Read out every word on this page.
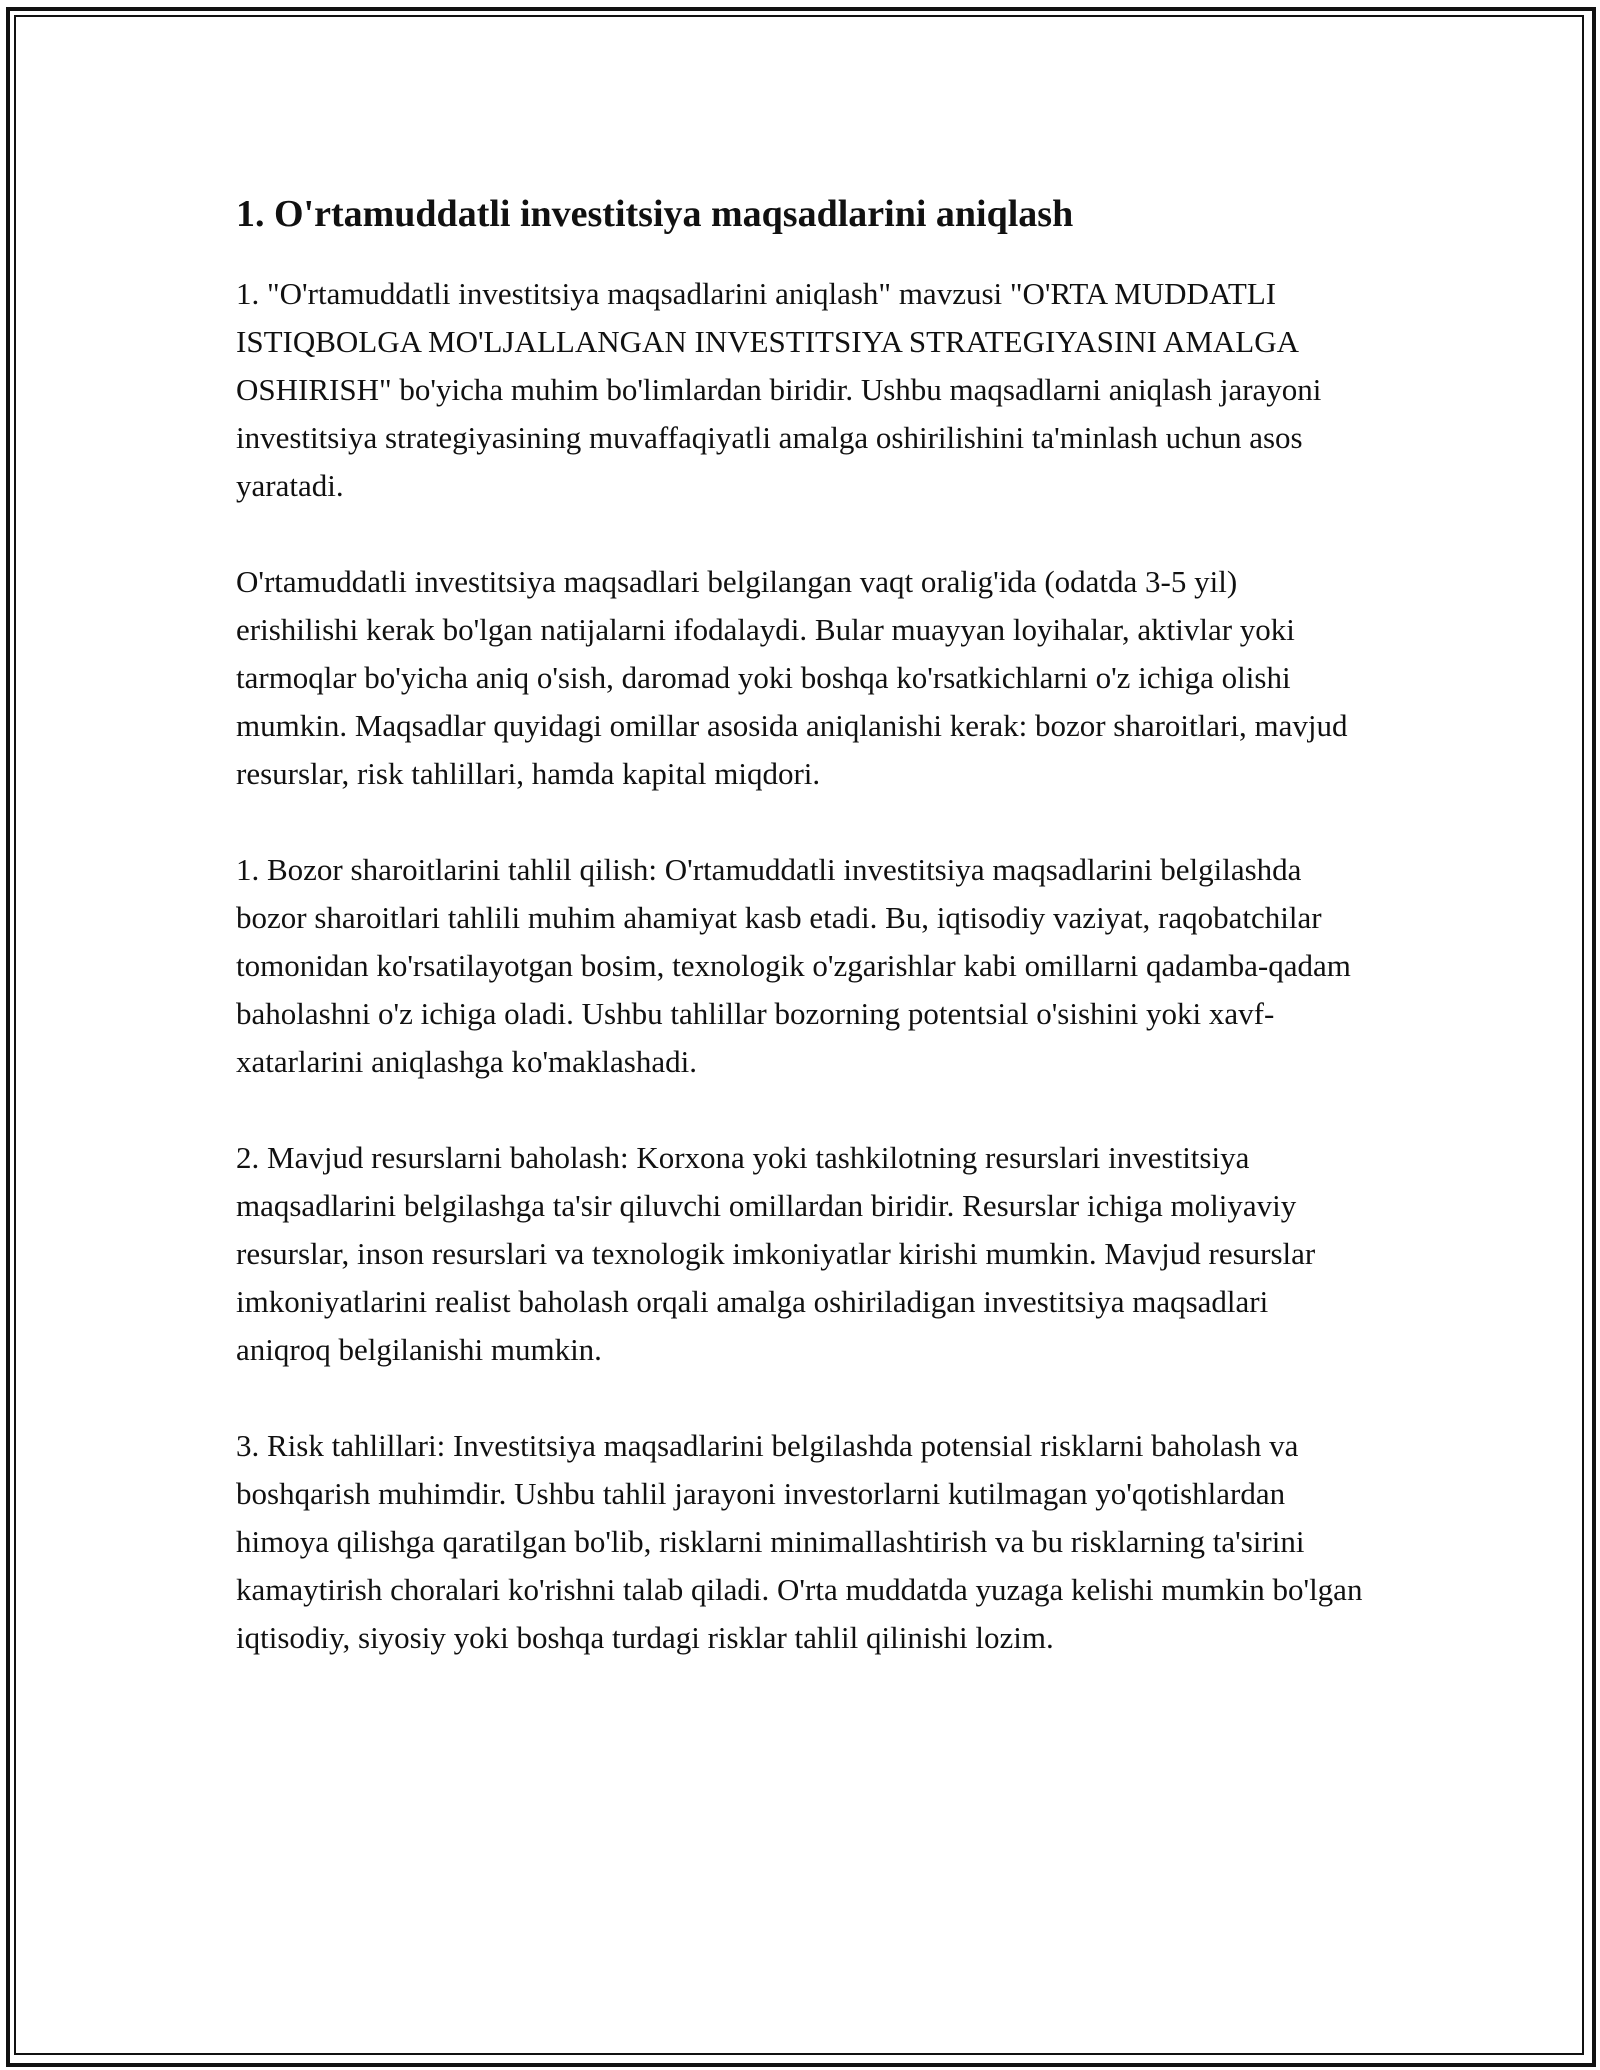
1. O'rtamuddatli investitsiya maqsadlarini aniqlash

1. "O'rtamuddatli investitsiya maqsadlarini aniqlash" mavzusi "O'RTA MUDDATLI ISTIQBOLGA MO'LJALLANGAN INVESTITSIYA STRATEGIYASINI AMALGA OSHIRISH" bo'yicha muhim bo'limlardan biridir. Ushbu maqsadlarni aniqlash jarayoni investitsiya strategiyasining muvaffaqiyatli amalga oshirilishini ta'minlash uchun asos yaratadi.

O'rtamuddatli investitsiya maqsadlari belgilangan vaqt oralig'ida (odatda 3-5 yil) erishilishi kerak bo'lgan natijalarni ifodalaydi. Bular muayyan loyihalar, aktivlar yoki tarmoqlar bo'yicha aniq o'sish, daromad yoki boshqa ko'rsatkichlarni o'z ichiga olishi mumkin. Maqsadlar quyidagi omillar asosida aniqlanishi kerak: bozor sharoitlari, mavjud resurslar, risk tahlillari, hamda kapital miqdori.

1. Bozor sharoitlarini tahlil qilish: O'rtamuddatli investitsiya maqsadlarini belgilashda bozor sharoitlari tahlili muhim ahamiyat kasb etadi. Bu, iqtisodiy vaziyat, raqobatchilar tomonidan ko'rsatilayotgan bosim, texnologik o'zgarishlar kabi omillarni qadamba-qadam baholashni o'z ichiga oladi. Ushbu tahlillar bozorning potentsial o'sishini yoki xavf-xatarlarini aniqlashga ko'maklashadi.

2. Mavjud resurslarni baholash: Korxona yoki tashkilotning resurslari investitsiya maqsadlarini belgilashga ta'sir qiluvchi omillardan biridir. Resurslar ichiga moliyaviy resurslar, inson resurslari va texnologik imkoniyatlar kirishi mumkin. Mavjud resurslar imkoniyatlarini realist baholash orqali amalga oshiriladigan investitsiya maqsadlari aniqroq belgilanishi mumkin.

3. Risk tahlillari: Investitsiya maqsadlarini belgilashda potensial risklarni baholash va boshqarish muhimdir. Ushbu tahlil jarayoni investorlarni kutilmagan yo'qotishlardan himoya qilishga qaratilgan bo'lib, risklarni minimallashtirish va bu risklarning ta'sirini kamaytirish choralari ko'rishni talab qiladi. O'rta muddatda yuzaga kelishi mumkin bo'lgan iqtisodiy, siyosiy yoki boshqa turdagi risklar tahlil qilinishi lozim.
